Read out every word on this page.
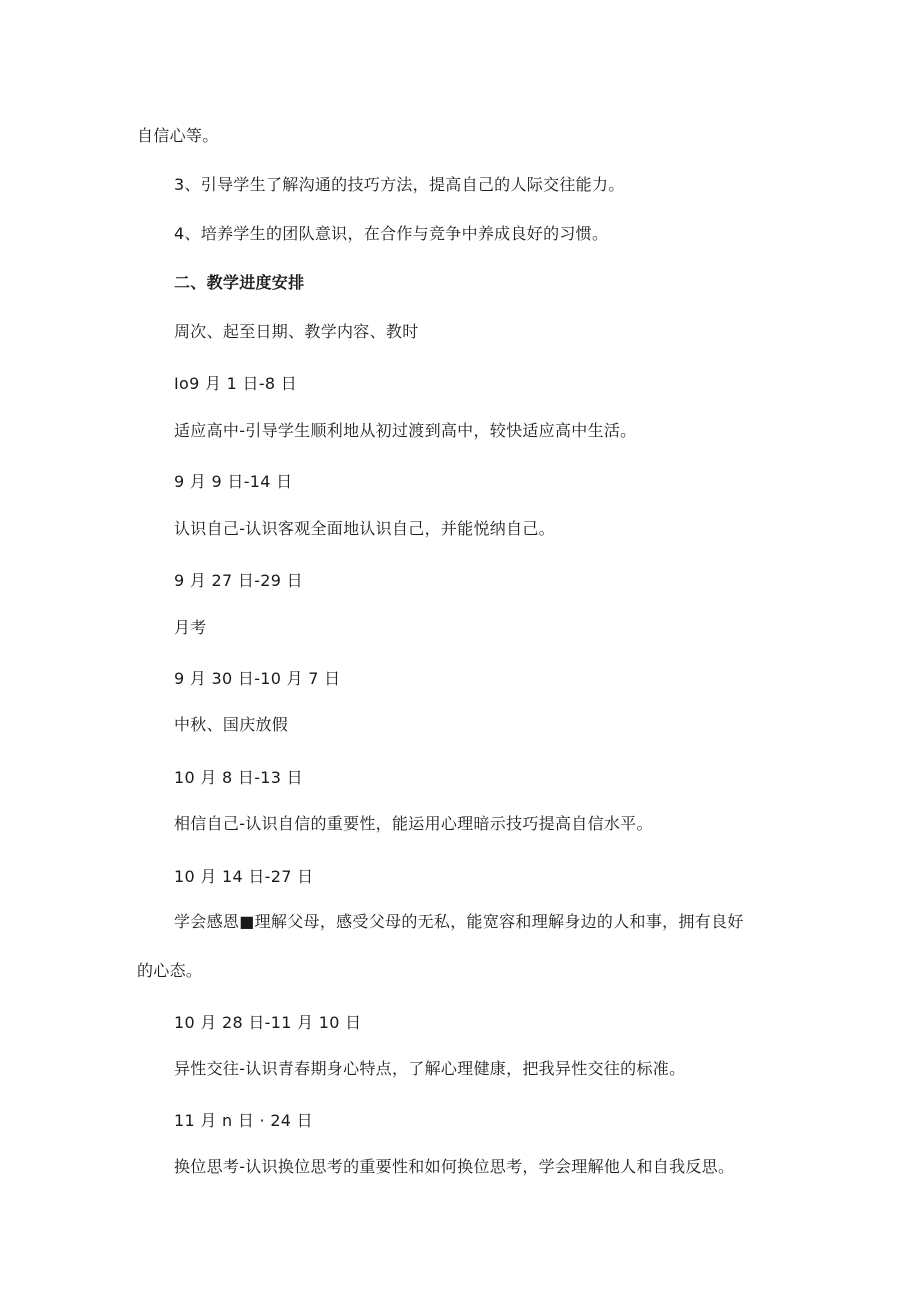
自信心等。
3、引导学生了解沟通的技巧方法，提高自己的人际交往能力。
4、培养学生的团队意识，在合作与竞争中养成良好的习惯。
二、教学进度安排
周次、起至日期、教学内容、教时
Io9 月 1 日-8 日
适应高中-引导学生顺利地从初过渡到高中，较快适应高中生活。
9 月 9 日-14 日
认识自己-认识客观全面地认识自己，并能悦纳自己。
9 月 27 日-29 日
月考
9 月 30 日-10 月 7 日
中秋、国庆放假
10 月 8 日-13 日
相信自己-认识自信的重要性，能运用心理暗示技巧提高自信水平。
10 月 14 日-27 日
学会感恩■理解父母，感受父母的无私，能宽容和理解身边的人和事，拥有良好
的心态。
10 月 28 日-11 月 10 日
异性交往-认识青春期身心特点，了解心理健康，把我异性交往的标准。
11 月 n 日 · 24 日
换位思考-认识换位思考的重要性和如何换位思考，学会理解他人和自我反思。
